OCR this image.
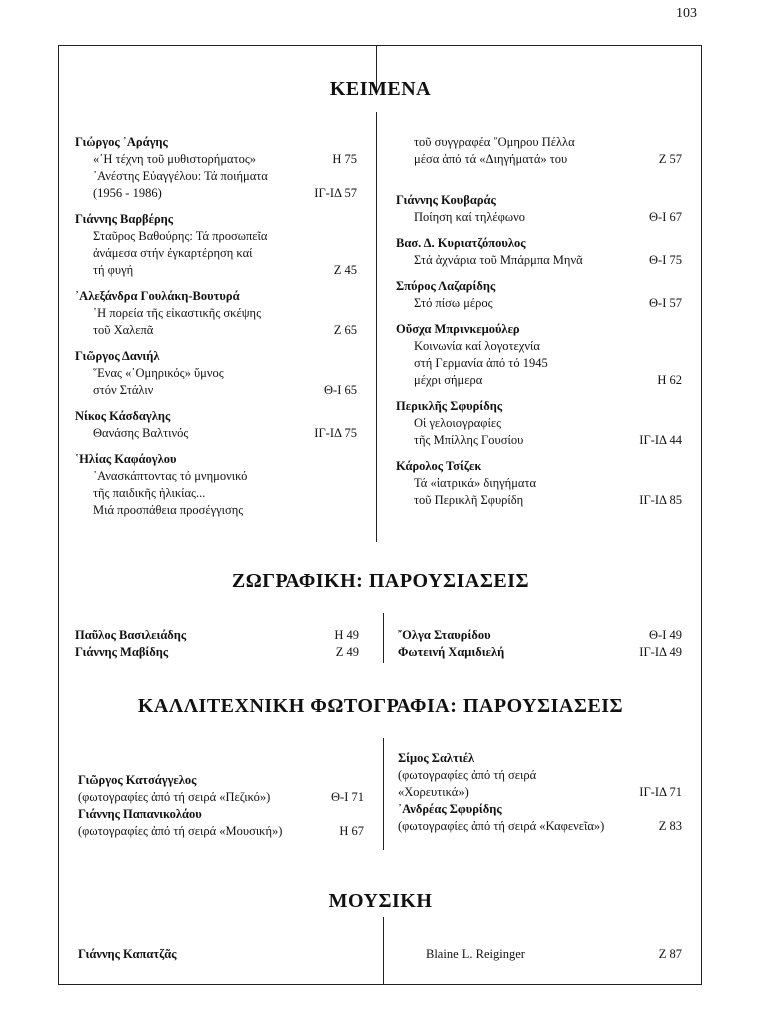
103
ΚΕΙΜΕΝΑ
ΖΩΓΡΑΦΙΚΗ: ΠΑΡΟΥΣΙΑΣΕΙΣ
ΚΑΛΛΙΤΕΧΝΙΚΗ ΦΩΤΟΓΡΑΦΙΑ: ΠΑΡΟΥΣΙΑΣΕΙΣ
ΜΟΥΣΙΚΗ
Γιώργος ᾿Αράγης
«῾Η τέχνη τοῦ μυθιστορήματος»	Η 75
᾿Ανέστης Εὐαγγέλου: Τά ποιήματα
(1956 - 1986)	ΙΓ-ΙΔ 57
Γιάννης Βαρβέρης
Σταῦρος Βαθούρης: Τά προσωπεῖα
ἀνάμεσα στήν ἐγκαρτέρηση καί
τή φυγή	Ζ 45
᾿Αλεξάνδρα Γουλάκη-Βουτυρά
῾Η πορεία τῆς εἰκαστικῆς σκέψης
τοῦ Χαλεπᾶ	Ζ 65
Γιῶργος Δανιήλ
῞Ενας «῾Ομηρικός» ὕμνος
στόν Στάλιν	Θ-Ι 65
Νίκος Κάσδαγλης
Θανάσης Βαλτινός	ΙΓ-ΙΔ 75
῾Ηλίας Καφάογλου
᾿Ανασκάπτοντας τό μνημονικό
τῆς παιδικῆς ἡλικίας...
Μιά προσπάθεια προσέγγισης
τοῦ συγγραφέα ῞Ομηρου Πέλλα
μέσα ἀπό τά «Διηγήματά» του	Ζ 57
Γιάννης Κουβαράς
Ποίηση καί τηλέφωνο	Θ-Ι 67
Βασ. Δ. Κυριατζόπουλος
Στά ἀχνάρια τοῦ Μπάρμπα Μηνᾶ	Θ-Ι 75
Σπύρος Λαζαρίδης
Στό πίσω μέρος	Θ-Ι 57
Οὔσχα Μπρινκεμούλερ
Κοινωνία καί λογοτεχνία
στή Γερμανία ἀπό τό 1945
μέχρι σήμερα	Η 62
Περικλῆς Σφυρίδης
Οἱ γελοιογραφίες
τῆς Μπίλλης Γουσίου	ΙΓ-ΙΔ 44
Κάρολος Τσίζεκ
Τά «ἰατρικά» διηγήματα
τοῦ Περικλῆ Σφυρίδη	ΙΓ-ΙΔ 85
Παῦλος Βασιλειάδης	Η 49
Γιάννης Μαβίδης	Ζ 49
῎Ολγα Σταυρίδου	Θ-Ι 49
Φωτεινή Χαμιδιελή	ΙΓ-ΙΔ 49
Γιῶργος Κατσάγγελος
(φωτογραφίες ἀπό τή σειρά «Πεζικό»)	Θ-Ι 71
Γιάννης Παπανικολάου
(φωτογραφίες ἀπό τή σειρά «Μουσική»)	Η 67
Σίμος Σαλτιέλ
(φωτογραφίες ἀπό τή σειρά
«Χορευτικά»)	ΙΓ-ΙΔ 71
᾿Ανδρέας Σφυρίδης
(φωτογραφίες ἀπό τή σειρά «Καφενεῖα»)	Ζ 83
Γιάννης Καπατζᾶς	Blaine L. Reiginger	Ζ 87
